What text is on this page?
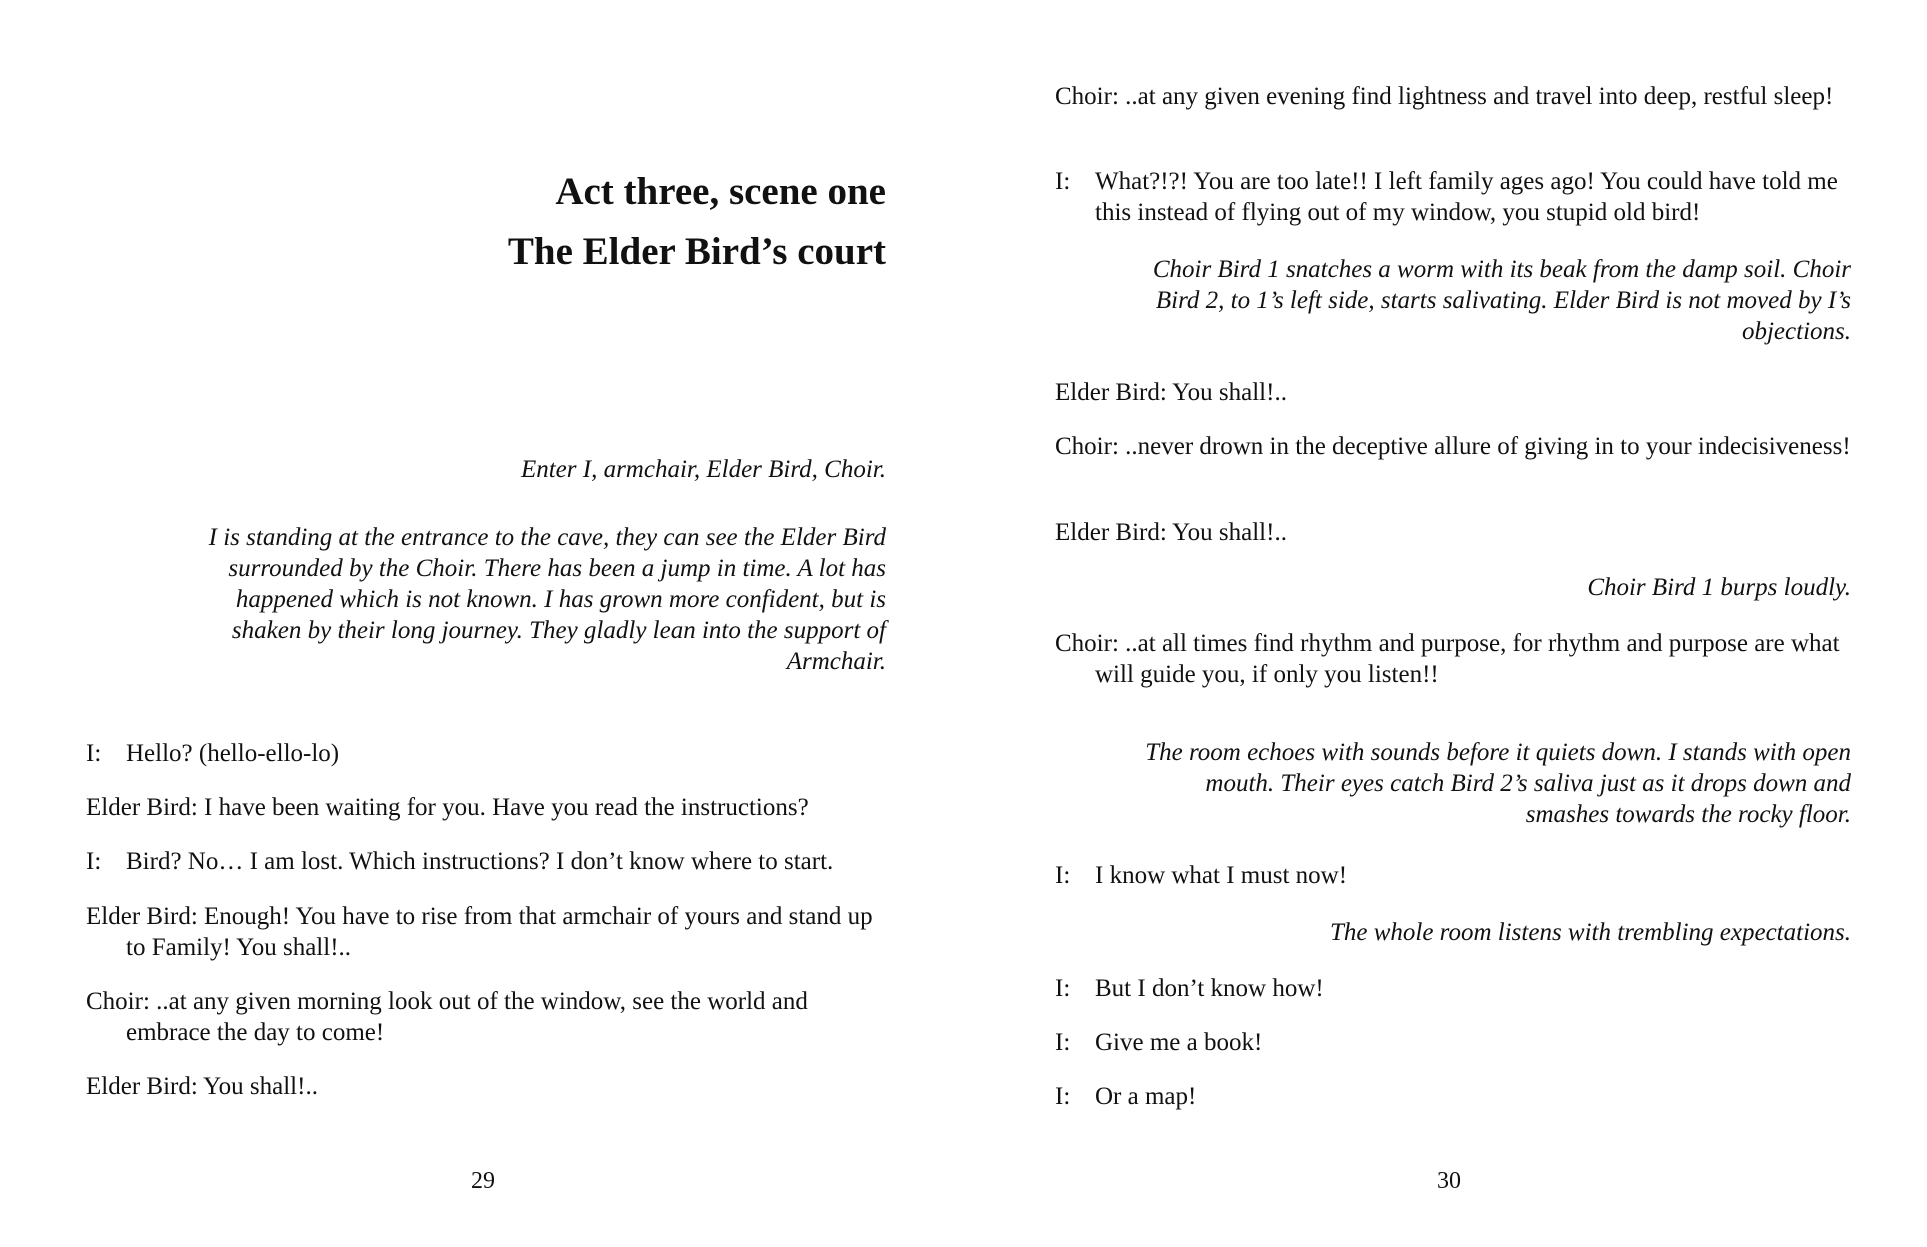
Act three, scene one

The Elder Bird’s court

Enter I, armchair, Elder Bird, Choir.

I is standing at the entrance to the cave, they can see the Elder Bird surrounded by the Choir. There has been a jump in time. A lot has happened which is not known. I has grown more confident, but is shaken by their long journey. They gladly lean into the support of Armchair.

I: Hello? (hello-ello-lo)

Elder Bird: I have been waiting for you. Have you read the instructions?

I: Bird? No… I am lost. Which instructions? I don’t know where to start.

Elder Bird: Enough! You have to rise from that armchair of yours and stand up to Family! You shall!..

Choir: ..at any given morning look out of the window, see the world and embrace the day to come!

Elder Bird: You shall!..

29

Choir: ..at any given evening find lightness and travel into deep, restful sleep!

I: What?!?! You are too late!! I left family ages ago! You could have told me this instead of flying out of my window, you stupid old bird!

Choir Bird 1 snatches a worm with its beak from the damp soil. Choir Bird 2, to 1’s left side, starts salivating. Elder Bird is not moved by I’s objections.

Elder Bird: You shall!..

Choir: ..never drown in the deceptive allure of giving in to your indecisiveness!

Elder Bird: You shall!..

Choir Bird 1 burps loudly.

Choir: ..at all times find rhythm and purpose, for rhythm and purpose are what will guide you, if only you listen!!

The room echoes with sounds before it quiets down. I stands with open mouth. Their eyes catch Bird 2’s saliva just as it drops down and smashes towards the rocky floor.

I: I know what I must now!

The whole room listens with trembling expectations.

I: But I don’t know how!

I: Give me a book!

I: Or a map!

30
